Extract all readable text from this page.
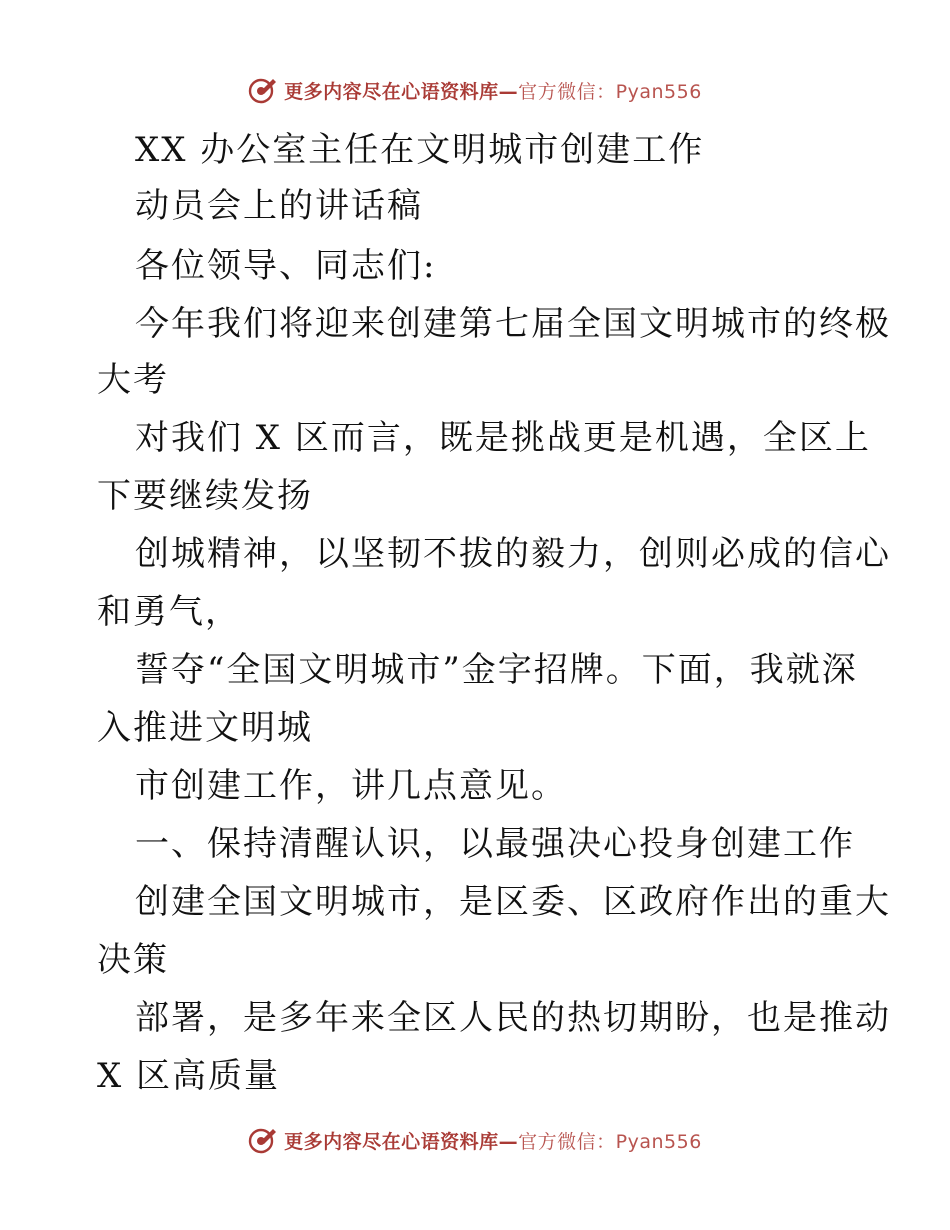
更多内容尽在心语资料库—官方微信：Pyan556
XX 办公室主任在文明城市创建工作
动员会上的讲话稿
各位领导、同志们:
今年我们将迎来创建第七届全国文明城市的终极
大考
对我们 X 区而言，既是挑战更是机遇，全区上
下要继续发扬
创城精神，以坚韧不拔的毅力，创则必成的信心
和勇气，
誓夺“全国文明城市”金字招牌。下面，我就深
入推进文明城
市创建工作，讲几点意见。
一、保持清醒认识，以最强决心投身创建工作
创建全国文明城市，是区委、区政府作出的重大
决策
部署，是多年来全区人民的热切期盼，也是推动
X 区高质量
更多内容尽在心语资料库—官方微信：Pyan556
